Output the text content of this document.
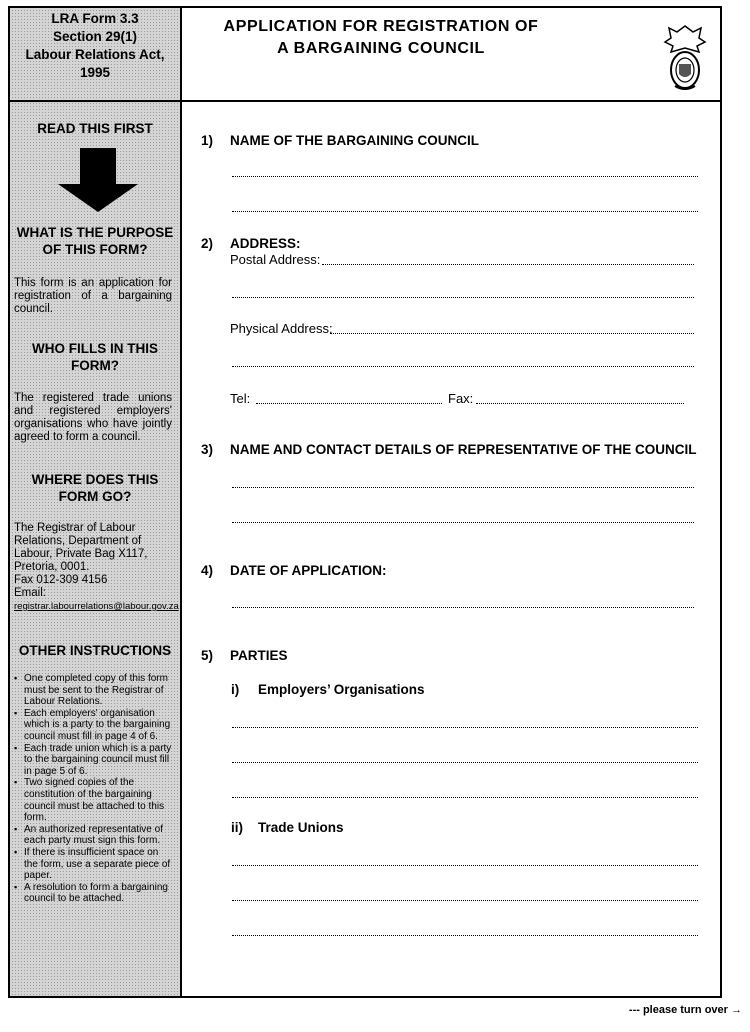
LRA Form 3.3
Section 29(1)
Labour Relations Act,
1995
APPLICATION FOR REGISTRATION OF
A BARGAINING COUNCIL
READ THIS FIRST
WHAT IS THE PURPOSE
OF THIS FORM?
This form is an application for registration of a bargaining council.
WHO FILLS IN THIS
FORM?
The registered trade unions and registered employers' organisations who have jointly agreed to form a council.
WHERE DOES THIS
FORM GO?
The Registrar of Labour
Relations, Department of
Labour, Private Bag X117,
Pretoria, 0001.
Fax 012-309 4156
Email:
registrar.labourrelations@labour.gov.za
OTHER INSTRUCTIONS
▪ One completed copy of this form must be sent to the Registrar of Labour Relations.
▪ Each employers' organisation which is a party to the bargaining council must fill in page 4 of 6.
▪ Each trade union which is a party to the bargaining council must fill in page 5 of 6.
▪ Two signed copies of the constitution of the bargaining council must be attached to this form.
▪ An authorized representative of each party must sign this form.
▪ If there is insufficient space on the form, use a separate piece of paper.
▪ A resolution to form a bargaining council to be attached.
1) NAME OF THE BARGAINING COUNCIL
2) ADDRESS:
Postal Address:
Physical Address:
Tel:	Fax:
3) NAME AND CONTACT DETAILS OF REPRESENTATIVE OF THE COUNCIL
4) DATE OF APPLICATION:
5) PARTIES
i) Employers’ Organisations
ii) Trade Unions
--- please turn over →
